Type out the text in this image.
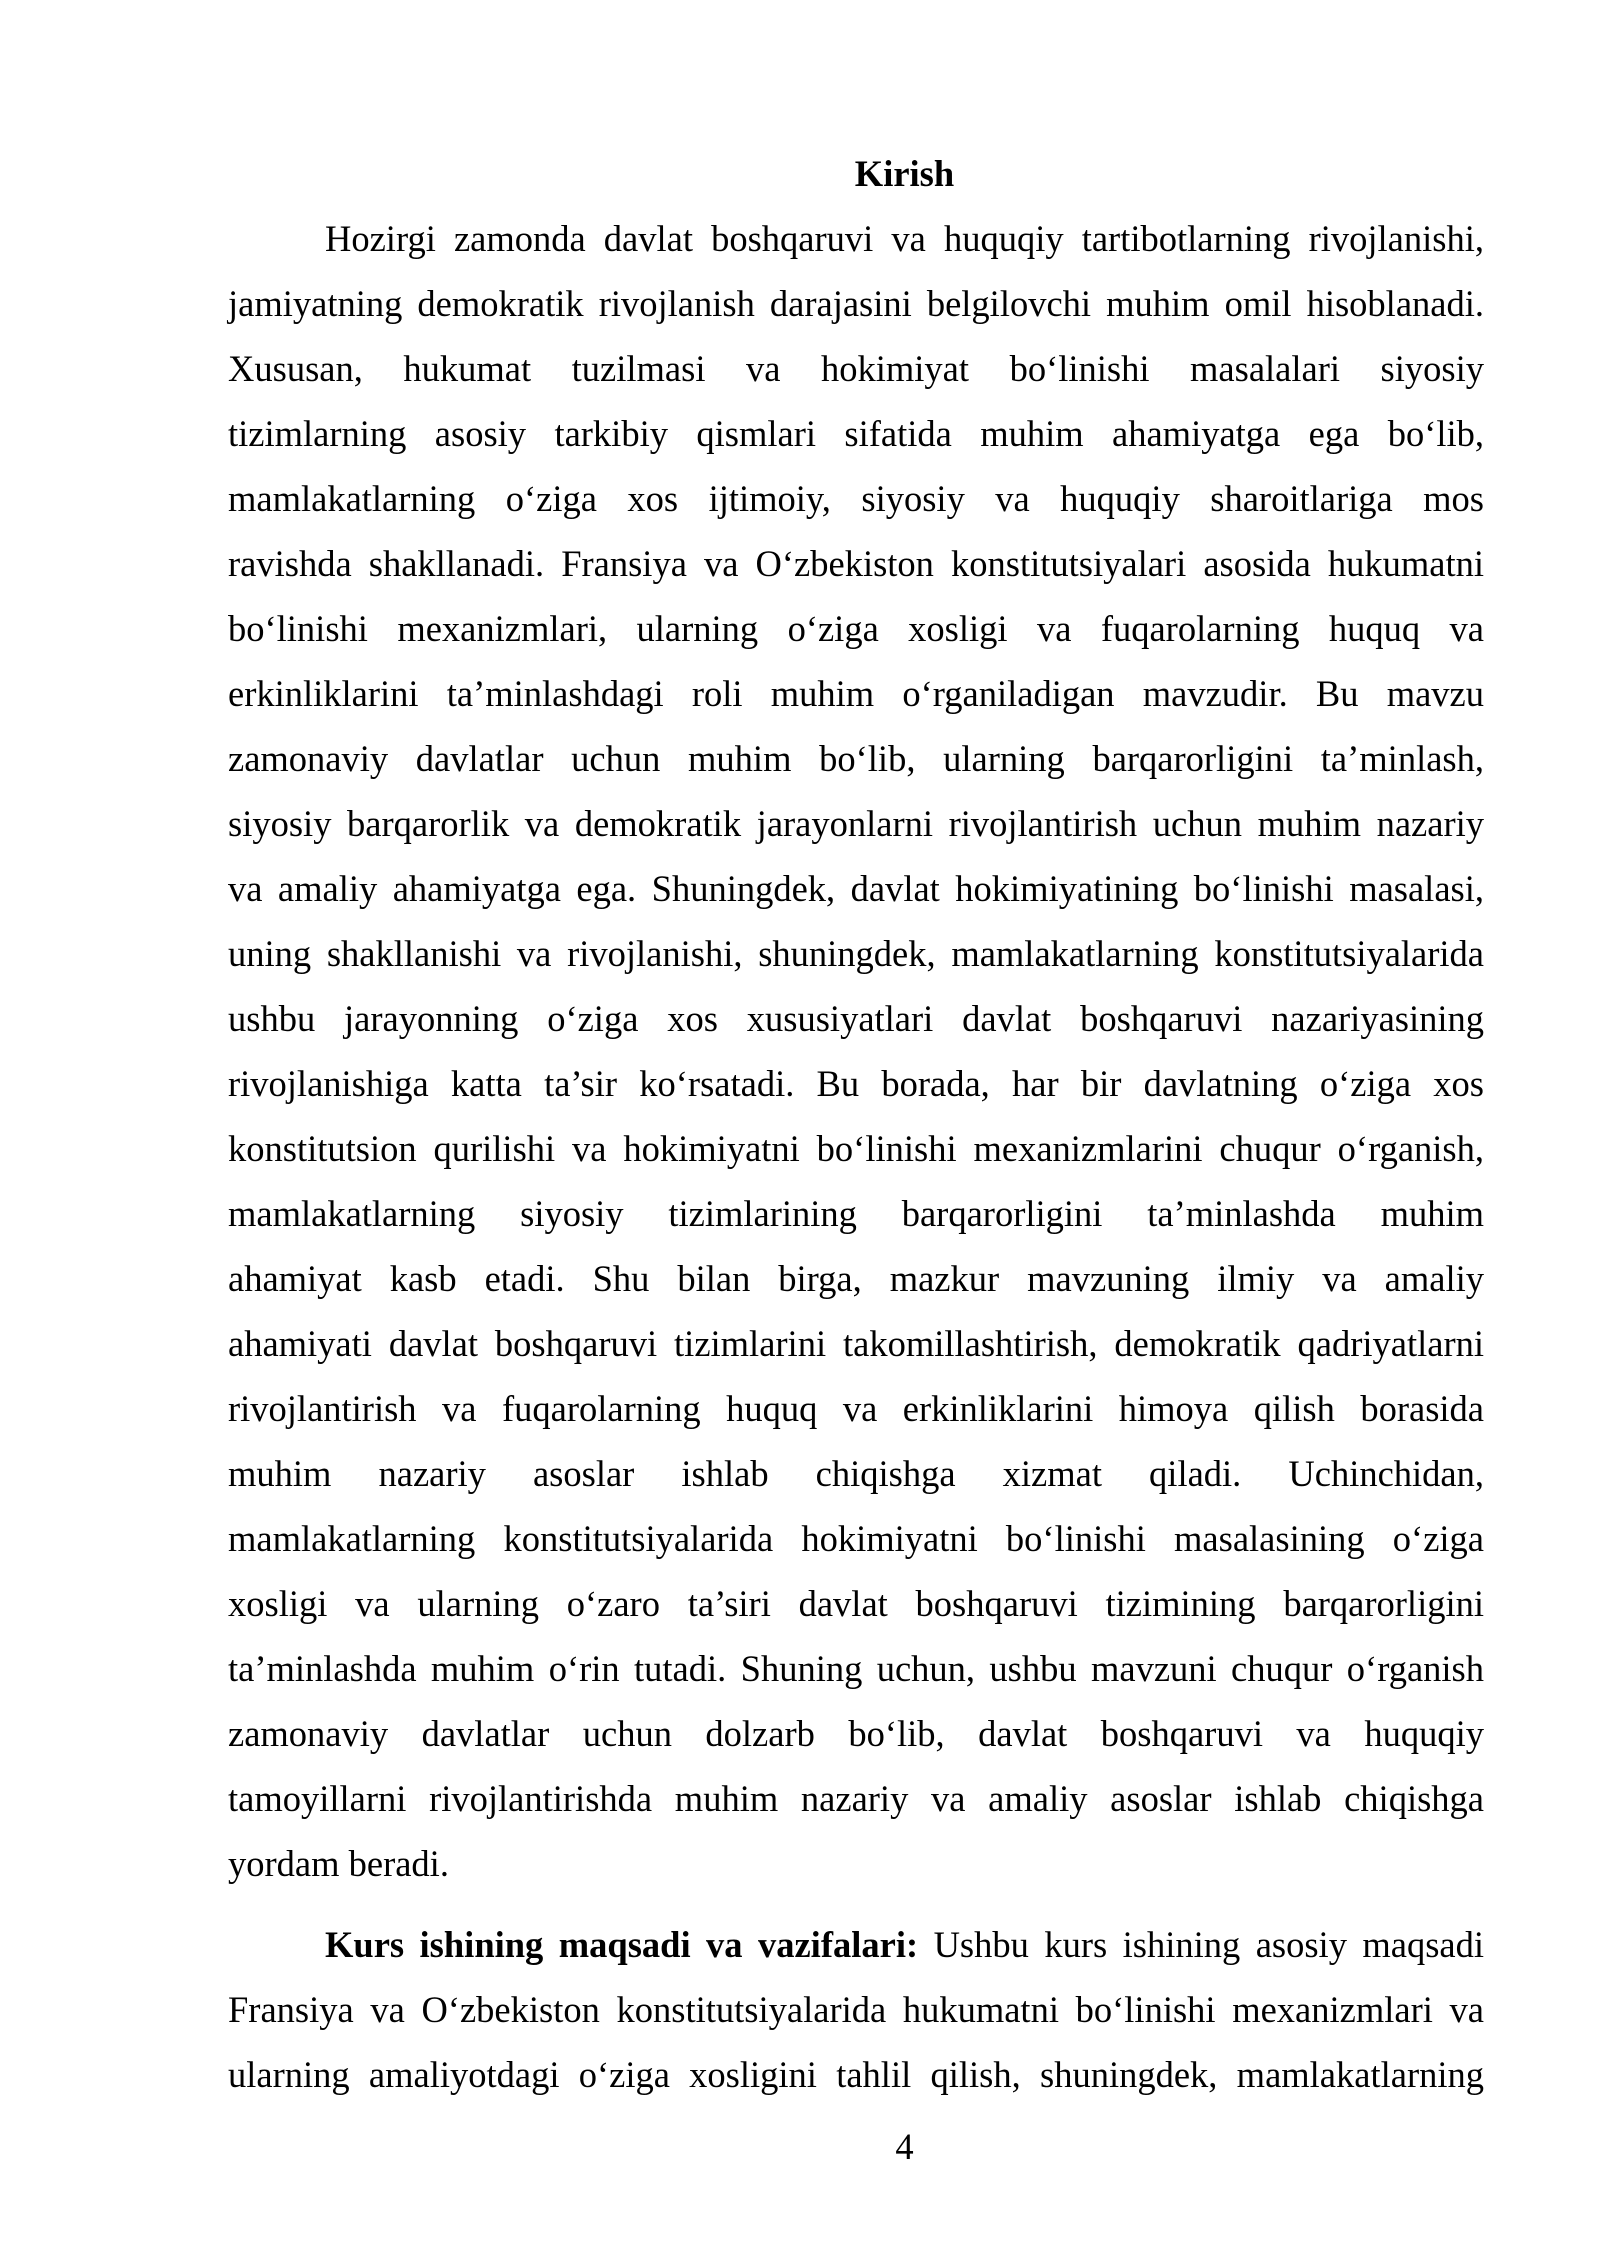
Kirish
Hozirgi zamonda davlat boshqaruvi va huquqiy tartibotlarning rivojlanishi,
jamiyatning demokratik rivojlanish darajasini belgilovchi muhim omil hisoblanadi.
Xususan, hukumat tuzilmasi va hokimiyat bo‘linishi masalalari siyosiy
tizimlarning asosiy tarkibiy qismlari sifatida muhim ahamiyatga ega bo‘lib,
mamlakatlarning o‘ziga xos ijtimoiy, siyosiy va huquqiy sharoitlariga mos
ravishda shakllanadi. Fransiya va O‘zbekiston konstitutsiyalari asosida hukumatni
bo‘linishi mexanizmlari, ularning o‘ziga xosligi va fuqarolarning huquq va
erkinliklarini ta’minlashdagi roli muhim o‘rganiladigan mavzudir. Bu mavzu
zamonaviy davlatlar uchun muhim bo‘lib, ularning barqarorligini ta’minlash,
siyosiy barqarorlik va demokratik jarayonlarni rivojlantirish uchun muhim nazariy
va amaliy ahamiyatga ega. Shuningdek, davlat hokimiyatining bo‘linishi masalasi,
uning shakllanishi va rivojlanishi, shuningdek, mamlakatlarning konstitutsiyalarida
ushbu jarayonning o‘ziga xos xususiyatlari davlat boshqaruvi nazariyasining
rivojlanishiga katta ta’sir ko‘rsatadi. Bu borada, har bir davlatning o‘ziga xos
konstitutsion qurilishi va hokimiyatni bo‘linishi mexanizmlarini chuqur o‘rganish,
mamlakatlarning siyosiy tizimlarining barqarorligini ta’minlashda muhim
ahamiyat kasb etadi. Shu bilan birga, mazkur mavzuning ilmiy va amaliy
ahamiyati davlat boshqaruvi tizimlarini takomillashtirish, demokratik qadriyatlarni
rivojlantirish va fuqarolarning huquq va erkinliklarini himoya qilish borasida
muhim nazariy asoslar ishlab chiqishga xizmat qiladi. Uchinchidan,
mamlakatlarning konstitutsiyalarida hokimiyatni bo‘linishi masalasining o‘ziga
xosligi va ularning o‘zaro ta’siri davlat boshqaruvi tizimining barqarorligini
ta’minlashda muhim o‘rin tutadi. Shuning uchun, ushbu mavzuni chuqur o‘rganish
zamonaviy davlatlar uchun dolzarb bo‘lib, davlat boshqaruvi va huquqiy
tamoyillarni rivojlantirishda muhim nazariy va amaliy asoslar ishlab chiqishga
yordam beradi.
Kurs ishining maqsadi va vazifalari: Ushbu kurs ishining asosiy maqsadi
Fransiya va O‘zbekiston konstitutsiyalarida hukumatni bo‘linishi mexanizmlari va
ularning amaliyotdagi o‘ziga xosligini tahlil qilish, shuningdek, mamlakatlarning
4
